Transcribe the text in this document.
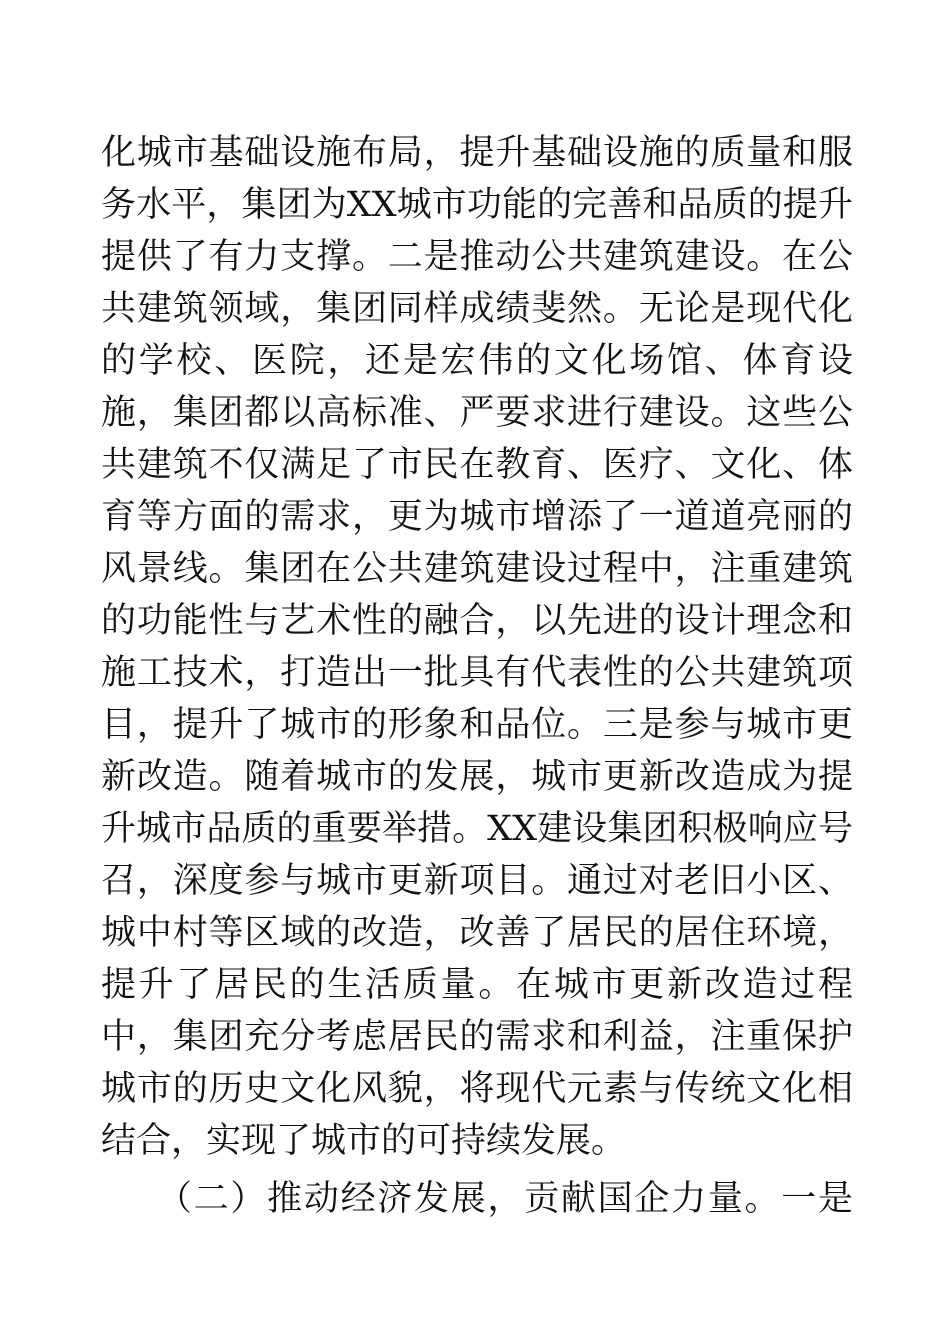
化城市基础设施布局，提升基础设施的质量和服
务水平，集团为XX城市功能的完善和品质的提升
提供了有力支撑。二是推动公共建筑建设。在公
共建筑领域，集团同样成绩斐然。无论是现代化
的学校、医院，还是宏伟的文化场馆、体育设
施，集团都以高标准、严要求进行建设。这些公
共建筑不仅满足了市民在教育、医疗、文化、体
育等方面的需求，更为城市增添了一道道亮丽的
风景线。集团在公共建筑建设过程中，注重建筑
的功能性与艺术性的融合，以先进的设计理念和
施工技术，打造出一批具有代表性的公共建筑项
目，提升了城市的形象和品位。三是参与城市更
新改造。随着城市的发展，城市更新改造成为提
升城市品质的重要举措。XX建设集团积极响应号
召，深度参与城市更新项目。通过对老旧小区、
城中村等区域的改造，改善了居民的居住环境，
提升了居民的生活质量。在城市更新改造过程
中，集团充分考虑居民的需求和利益，注重保护
城市的历史文化风貌，将现代元素与传统文化相
结合，实现了城市的可持续发展。
　　（二）推动经济发展，贡献国企力量。一是
